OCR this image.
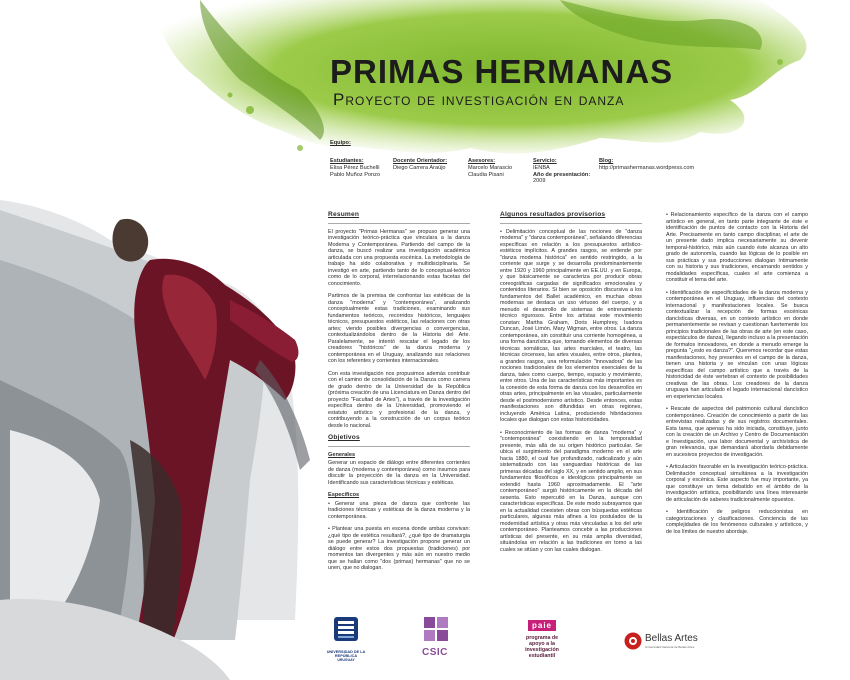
PRIMAS HERMANAS
Proyecto de investigación en danza
Equipo:
Estudiantes:
Elisa Pérez Buchelli
Pablo Muñoz Ponzo
Docente Orientador:
Diego Carrera Araújo
Asesores:
Marcelo Marascio
Claudia Pisani
Servicio:
IENBA
Año de presentación:
2009
Blog:
http://primashermanas.wordpress.com
Resumen

El proyecto "Primas Hermanas" se propuso generar una investigación teórico-práctica que vinculara a la danza Moderna y Contemporánea. Partiendo del campo de la danza, se buscó realizar una investigación académica articulada con una propuesta escénica. La metodología de trabajo ha sido colaborativa y multidisciplinaria. Se investigó en arte, partiendo tanto de lo conceptual-teórico como de lo corporal, interrelacionando estas facetas del conocimiento.

Partimos de la premisa de confrontar las estéticas de la danza "moderna" y "contemporánea", analizando conceptualmente estas tradiciones, examinando sus fundamentos teóricos, recorridos históricos, lenguajes técnicos, presupuestos estéticos, las relaciones con otras artes; viendo posibles divergencias o convergencias, contextualizándolos dentro de la Historia del Arte. Paralelamente, se intentó rescatar el legado de los creadores "históricos" de la danza moderna y contemporánea en el Uruguay, analizando sus relaciones con los referentes y corrientes internacionales.

Con esta investigación nos propusimos además contribuir con el camino de consolidación de la Danza como carrera de grado dentro de la Universidad de la República (próxima creación de una Licenciatura en Danza dentro del proyecto "Facultad de Artes"), a través de la investigación específica dentro de la Universidad, promoviendo el estatuto artístico y profesional de la danza, y contribuyendo a la construcción de un corpus teórico desde lo nacional.

Objetivos
Generales

Generar un espacio de diálogo entre diferentes corrientes de danza (moderna y contemporánea) como insumos para discutir la proyección de la danza en la Universidad. Identificando sus características técnicas y estéticas.

Específicos

• Generar una pieza de danza que confronte las tradiciones técnicas y estéticas de la danza moderna y la contemporánea.

• Plantear una puesta en escena donde ambas convivan: ¿qué tipo de estética resultará?, ¿qué tipo de dramaturgia se puede generar? La investigación propone generar un diálogo entre estos dos propuestas (tradiciones) por momentos tan divergentes y más aún en nuestro medio que se hallan como "dos (primas) hermanas" que no se unen, que no dialogan.

Algunos resultados provisorios

• Delimitación conceptual de las nociones de "danza moderna" y "danza contemporánea", señalando diferencias específicas en relación a los presupuestos artístico-estéticos implícitos. A grandes rasgos, se entiende por "danza moderna histórica" en sentido restringido, a la corriente que surge y se desarrolla predominantemente entre 1920 y 1960 principalmente en EE.UU. y en Europa, y que básicamente se caracteriza por producir obras coreográficas cargadas de significados emocionales y contenidos literarios. Si bien se oposición discursiva a los fundamentos del Ballet académico, en muchas obras modernas se destaca un uso virtuoso del cuerpo, y a menudo el desarrollo de sistemas de entrenamiento técnico rigurosos. Entre los artistas este movimiento constan: Martha Graham, Doris Humphrey, Isadora Duncan, José Limón, Mary Wigman, entre otros. La danza contemporánea, sin constituir una corriente homogénea, a una forma danzística que, tomando elementos de diversas técnicas somáticas, las artes marciales, el teatro, las técnicas circenses, las artes visuales, entre otros, plantea, a grandes rasgos, una reformulación "innovadora" de las nociones tradicionales de los elementos esenciales de la danza, tales como cuerpo, tiempo, espacio y movimiento, entre otros. Una de las características más importantes es la conexión de esta forma de danza con los desarrollos en otras artes, principalmente en las visuales, particularmente desde el postmodernismo artístico. Desde entonces, estas manifestaciones son difundidas en otras regiones, incluyendo América Latina, produciendo hibridaciones locales que dialogan con estas historicidades.

• Reconocimiento de las formas de danza "moderna" y "contemporánea" coexistiendo en la temporalidad presente, más allá de su origen histórico particular. Se ubica el surgimiento del paradigma moderno en el arte hacia 1880, el cual fue profundizado, radicalizado y aún sistematizado con las vanguardias históricas de las primeras décadas del siglo XX, y en sentido amplio, en sus fundamentos filosóficos e ideológicos principalmente se extendió hasta 1960 aproximadamente. El "arte contemporáneo" surgió históricamente en la década del sesenta. Esto repercutió en la Danza, aunque con características específicas. De este modo subrayamos que en la actualidad coexisten obras con búsquedas estéticas particulares, algunas más afines a los postulados de la modernidad artística y otras más vinculadas a los del arte contemporáneo. Planteamos concebir a las producciones artísticas del presente, en su más amplia diversidad, situándolas en relación a las tradiciones en torno a las cuales se sitúan y con las cuales dialogan.

• Relacionamiento específico de la danza con el campo artístico en general, en tanto parte integrante de éste e identificación de puntos de contacto con la Historia del Arte. Precisamente en tanto campo disciplinar, el arte de un presente dado implica necesariamente su devenir temporal-histórico, más aún cuando éste alcanza un alto grado de autonomía, cuando las lógicas de lo posible en sus prácticas y sus producciones dialogan íntimamente con su historia y sus tradiciones, encarnando sentidos y modalidades específicas, cuales el arte comienza a constituir el tema del arte.

• Identificación de especificidades de la danza moderna y contemporánea en el Uruguay, influencias del contexto internacional y manifestaciones locales. Se busca contextualizar la recepción de formas escénicas dancísticas diversas, en un contexto artístico en donde permanentemente se revisan y cuestionan fuertemente los principios tradicionales de las obras de arte (en este caso, espectáculos de danza), llegando incluso a la presentación de formatos innovadores, en donde a menudo emerge la pregunta "¿esto es danza?". Queremos recordar que estas manifestaciones, hoy presentes en el campo de la danza, tienen una historia y se vinculan con unas lógicas específicas del campo artístico que a través de la historicidad de éste vertebran el contexto de posibilidades creativas de las obras. Los creadores de la danza uruguaya han articulado el legado internacional dancístico en experiencias locales.

• Rescate de aspectos del patrimonio cultural dancístico contemporáneo. Creación de conocimiento a partir de las entrevistas realizadas y de sus registros documentales. Esta tarea, que apenas ha sido iniciada, constituye, junto con la creación de un Archivo y Centro de Documentación e Investigación, una labor documental y archivística de gran relevancia, que demandará abordarla debidamente en sucesivos proyectos de investigación.

• Articulación favorable en la investigación teórico-práctica. Delimitación conceptual simultánea a la investigación corporal y escénica. Este aspecto fue muy importante, ya que constituye un tema debatido en el ámbito de la investigación artística, posibilitando una línea interesante de articulación de saberes tradicionalmente opuestos.

• Identificación de peligros reduccionistas en categorizaciones y clasificaciones. Conciencia de las complejidades de los fenómenos culturales y artísticos, y de los límites de nuestro abordaje.

UNIVERSIDAD DE LA REPÚBLICA
URUGUAY
CSIC
paie
programa de apoyo a la investigación estudiantil
Bellas Artes
Universidad Nacional de Bellas Artes
